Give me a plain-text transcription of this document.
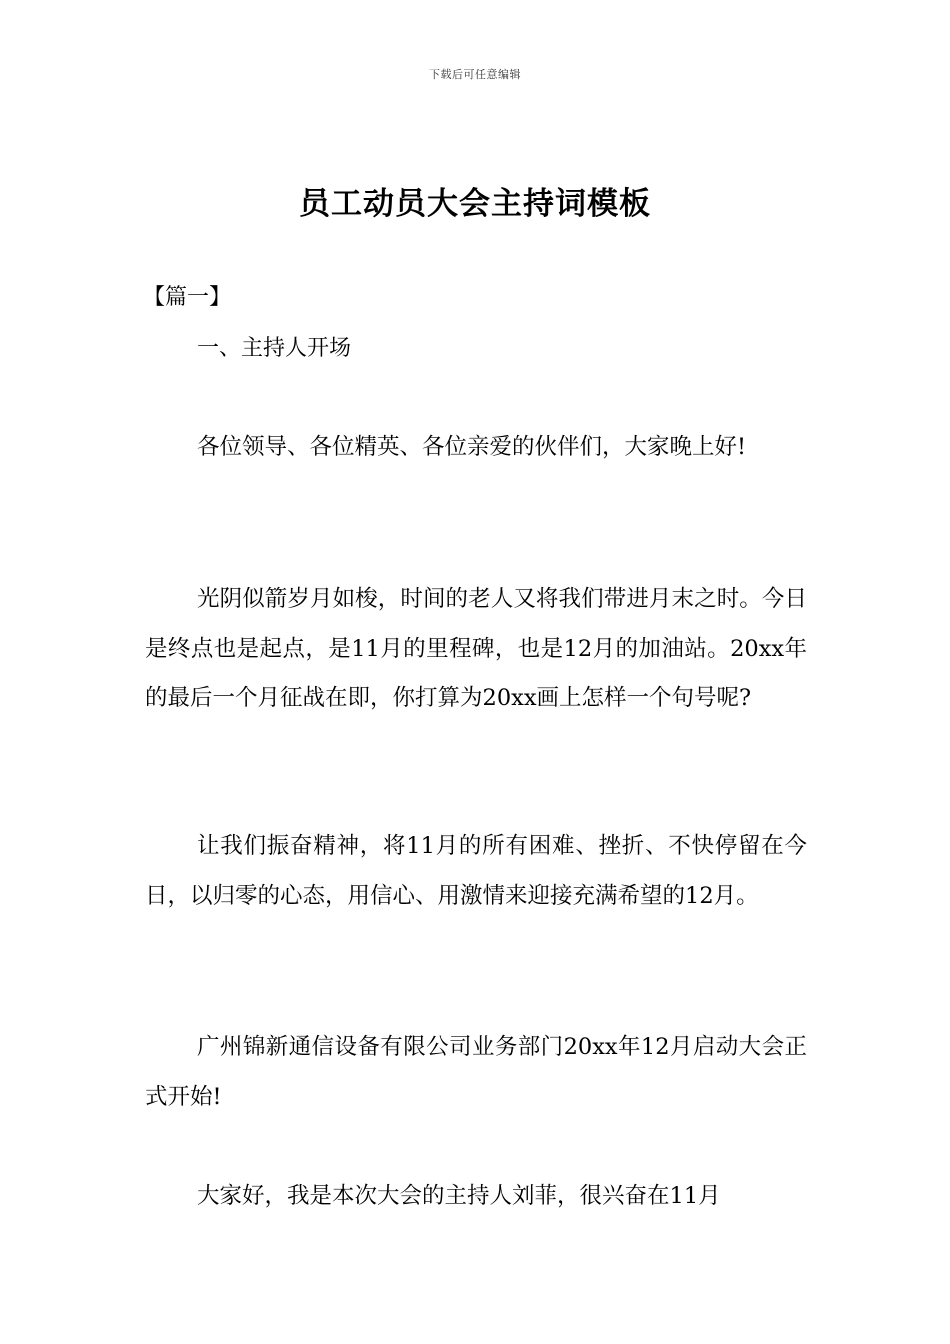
下载后可任意编辑
员工动员大会主持词模板
【篇一】
一、主持人开场

各位领导、各位精英、各位亲爱的伙伴们，大家晚上好!

光阴似箭岁月如梭，时间的老人又将我们带进月末之时。今日是终点也是起点，是11月的里程碑，也是12月的加油站。20xx年的最后一个月征战在即，你打算为20xx画上怎样一个句号呢?

让我们振奋精神，将11月的所有困难、挫折、不快停留在今日，以归零的心态，用信心、用激情来迎接充满希望的12月。

广州锦新通信设备有限公司业务部门20xx年12月启动大会正式开始!

大家好，我是本次大会的主持人刘菲，很兴奋在11月
